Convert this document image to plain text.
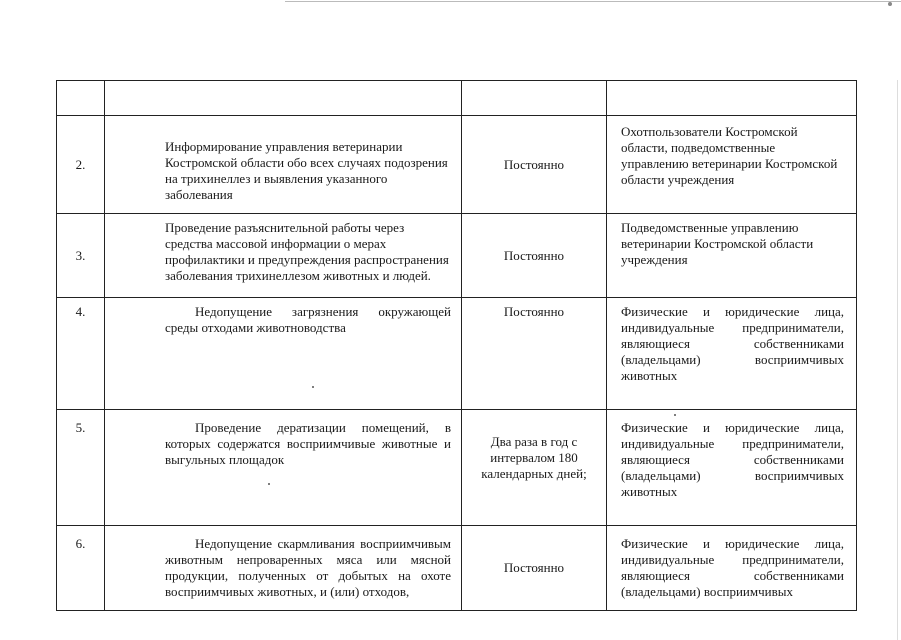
2.	Информирование управления ветеринарии Костромской области обо всех случаях подозрения на трихинеллез и выявления указанного заболевания	Постоянно	Охотпользователи Костромской области, подведомственные управлению ветеринарии Костромской области учреждения

3.	Проведение разъяснительной работы через средства массовой информации о мерах профилактики и предупреждения распространения заболевания трихинеллезом животных и людей.	Постоянно	Подведомственные управлению ветеринарии Костромской области учреждения

4.	Недопущение загрязнения окружающей среды отходами животноводства	Постоянно	Физические и юридические лица, индивидуальные предприниматели, являющиеся собственниками (владельцами) восприимчивых животных

5.	Проведение дератизации помещений, в которых содержатся восприимчивые животные и выгульных площадок	Два раза в год с интервалом 180 календарных дней;	Физические и юридические лица, индивидуальные предприниматели, являющиеся собственниками (владельцами) восприимчивых животных

6.	Недопущение скармливания восприимчивым животным непроваренных мяса или мясной продукции, полученных от добытых на охоте восприимчивых животных, и (или) отходов,	Постоянно	Физические и юридические лица, индивидуальные предприниматели, являющиеся собственниками (владельцами) восприимчивых
